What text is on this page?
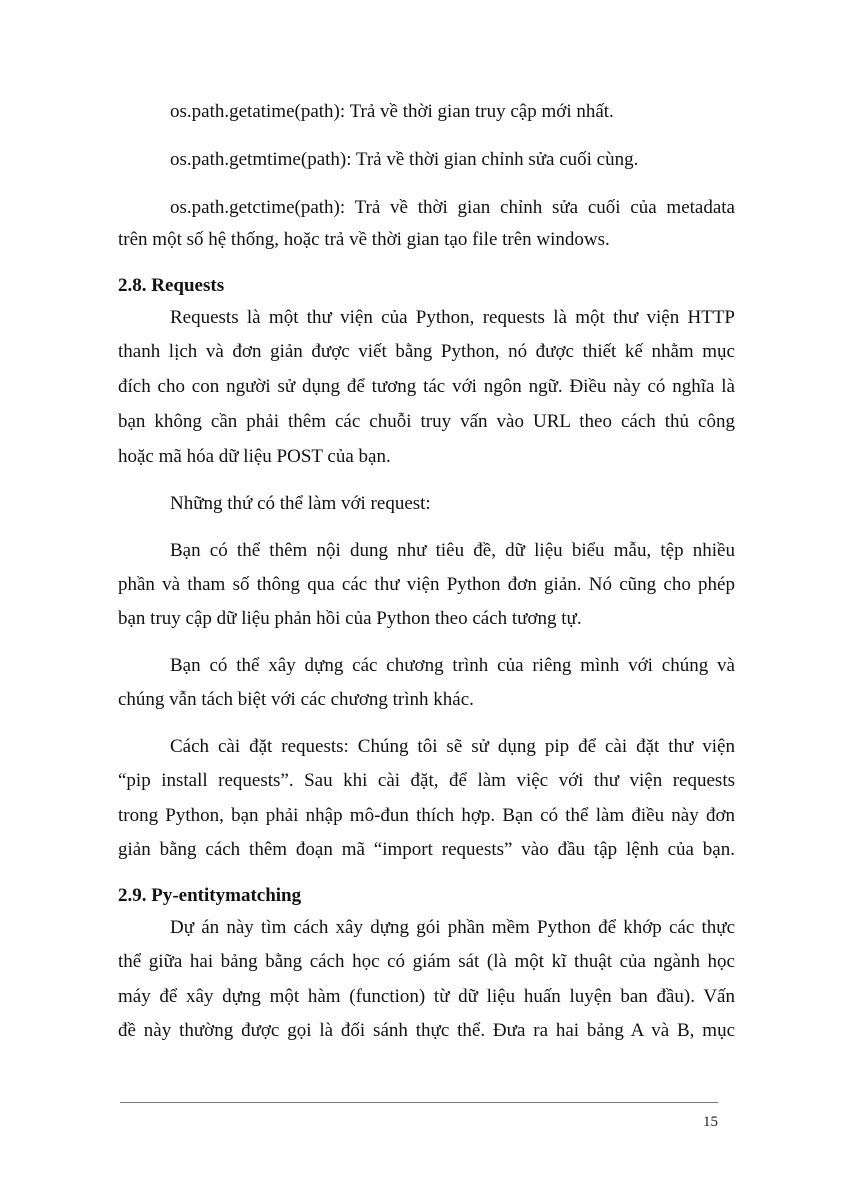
os.path.getatime(path): Trả về thời gian truy cập mới nhất.
os.path.getmtime(path): Trả về thời gian chỉnh sửa cuối cùng.
os.path.getctime(path): Trả về thời gian chỉnh sửa cuối của metadata
trên một số hệ thống, hoặc trả về thời gian tạo file trên windows.
2.8. Requests
Requests là một thư viện của Python, requests là một thư viện HTTP
thanh lịch và đơn giản được viết bằng Python, nó được thiết kế nhằm mục
đích cho con người sử dụng để tương tác với ngôn ngữ. Điều này có nghĩa là
bạn không cần phải thêm các chuỗi truy vấn vào URL theo cách thủ công
hoặc mã hóa dữ liệu POST của bạn.
Những thứ có thể làm với request:
Bạn có thể thêm nội dung như tiêu đề, dữ liệu biểu mẫu, tệp nhiều
phần và tham số thông qua các thư viện Python đơn giản. Nó cũng cho phép
bạn truy cập dữ liệu phản hồi của Python theo cách tương tự.
Bạn có thể xây dựng các chương trình của riêng mình với chúng và
chúng vẫn tách biệt với các chương trình khác.
Cách cài đặt requests: Chúng tôi sẽ sử dụng pip để cài đặt thư viện
“pip install requests”. Sau khi cài đặt, để làm việc với thư viện requests
trong Python, bạn phải nhập mô-đun thích hợp. Bạn có thể làm điều này đơn
giản bằng cách thêm đoạn mã “import requests” vào đầu tập lệnh của bạn.
2.9. Py-entitymatching
Dự án này tìm cách xây dựng gói phần mềm Python để khớp các thực
thể giữa hai bảng bằng cách học có giám sát (là một kĩ thuật của ngành học
máy để xây dựng một hàm (function) từ dữ liệu huấn luyện ban đầu). Vấn
đề này thường được gọi là đối sánh thực thể. Đưa ra hai bảng A và B, mục
15
